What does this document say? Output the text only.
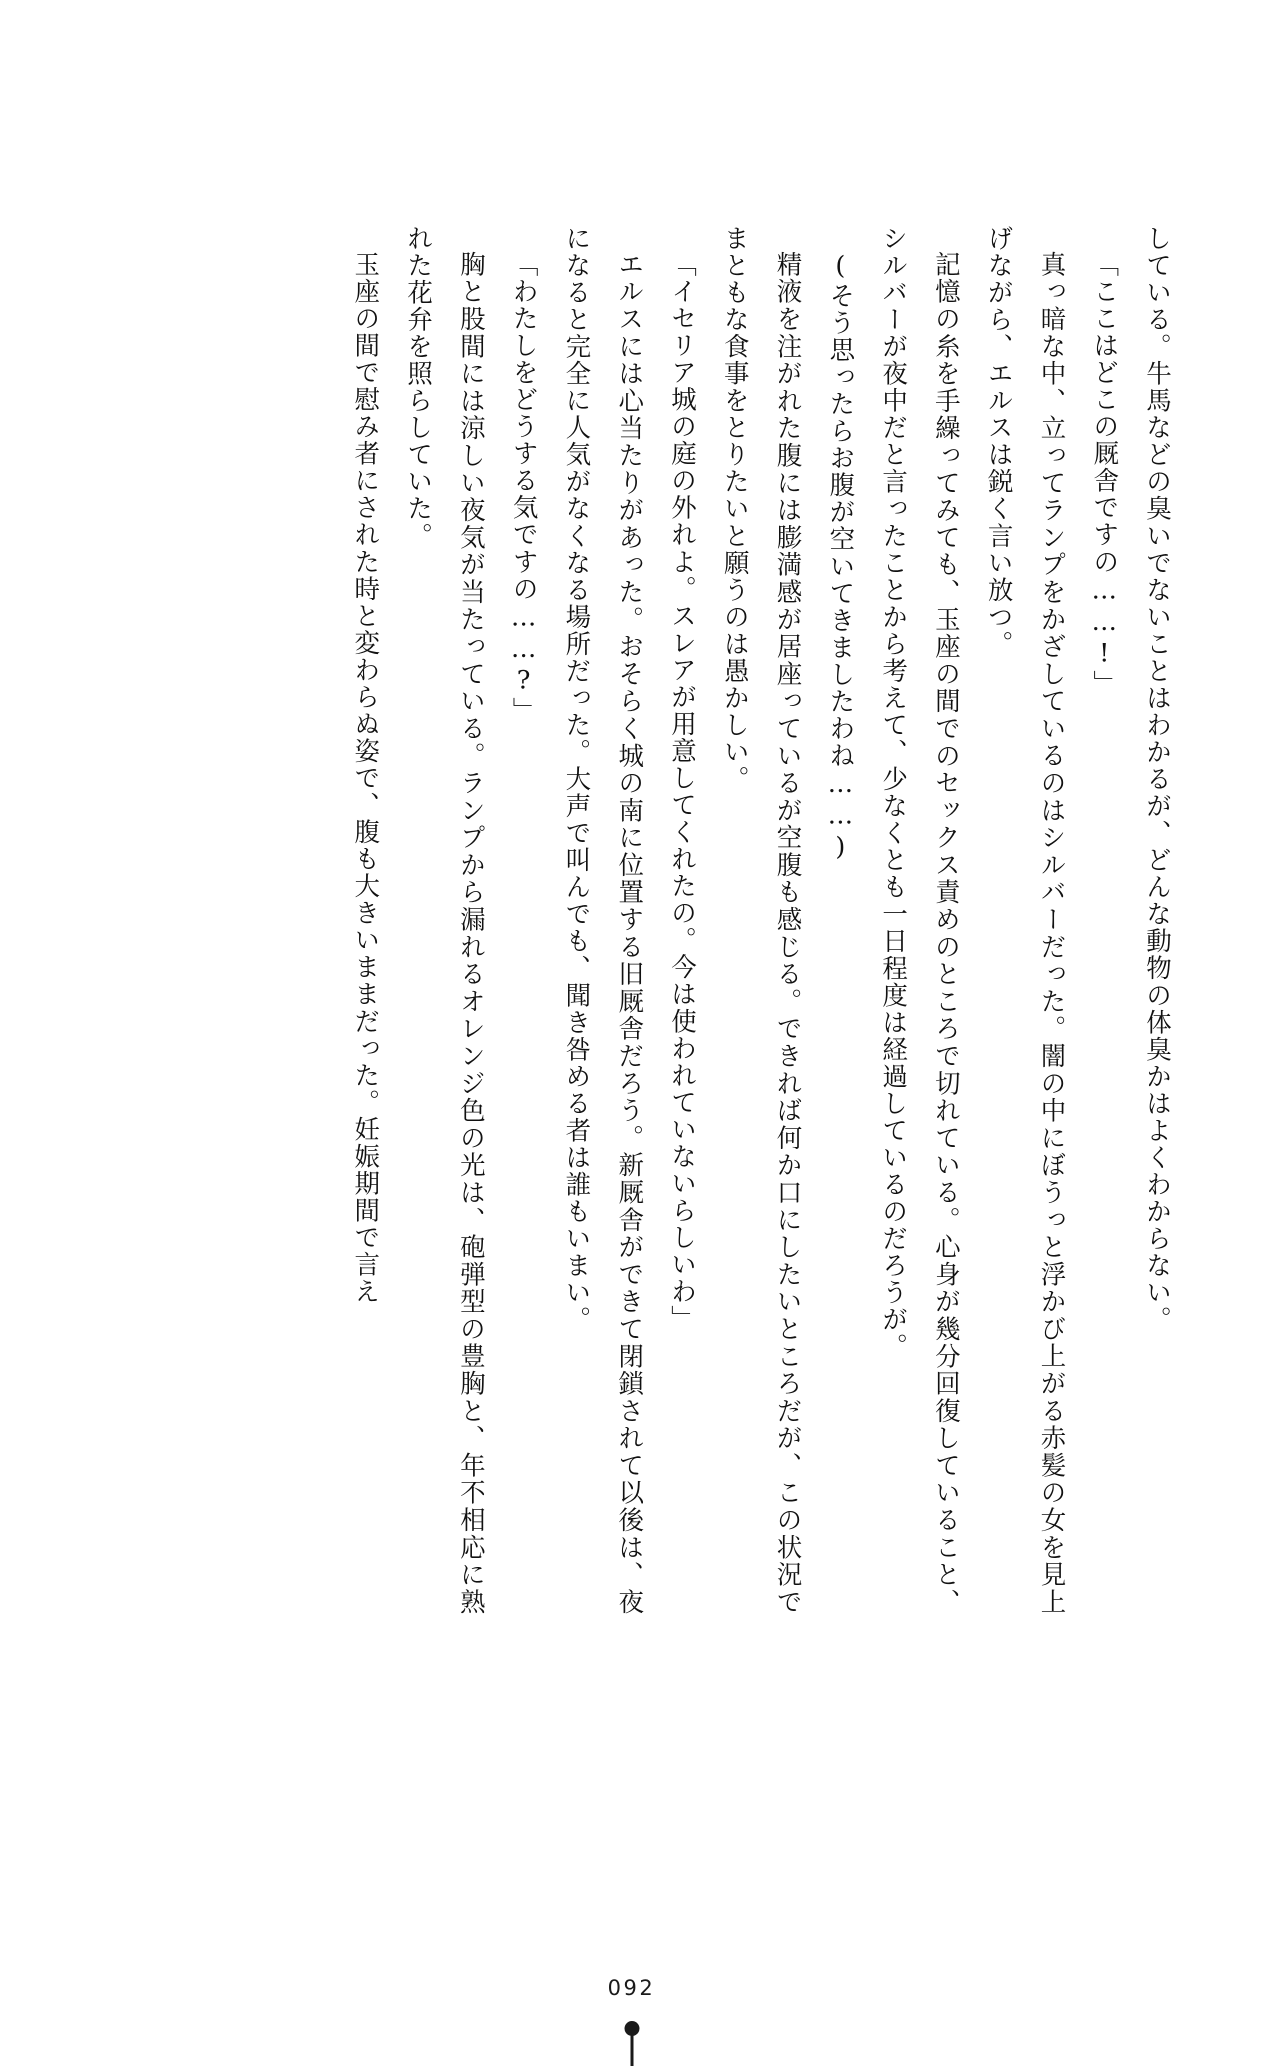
している。牛馬などの臭いでないことはわかるが、どんな動物の体臭かはよくわからない。

「ここはどこの厩舎ですの……!」

真っ暗な中、立ってランプをかざしているのはシルバーだった。闇の中にぼうっと浮かび上がる赤髪の女を見上げながら、エルスは鋭く言い放つ。

記憶の糸を手繰ってみても、玉座の間でのセックス責めのところで切れている。心身が幾分回復していること、シルバーが夜中だと言ったことから考えて、少なくとも一日程度は経過しているのだろうが。

(そう思ったらお腹が空いてきましたわね……)

精液を注がれた腹には膨満感が居座っているが空腹も感じる。できれば何か口にしたいところだが、この状況でまともな食事をとりたいと願うのは愚かしい。

「イセリア城の庭の外れよ。スレアが用意してくれたの。今は使われていないらしいわ」

エルスには心当たりがあった。おそらく城の南に位置する旧厩舎だろう。新厩舎ができて閉鎖されて以後は、夜になると完全に人気がなくなる場所だった。大声で叫んでも、聞き咎める者は誰もいまい。

「わたしをどうする気ですの……?」

胸と股間には涼しい夜気が当たっている。ランプから漏れるオレンジ色の光は、砲弾型の豊胸と、年不相応に熟れた花弁を照らしていた。

玉座の間で慰み者にされた時と変わらぬ姿で、腹も大きいままだった。妊娠期間で言え

092
